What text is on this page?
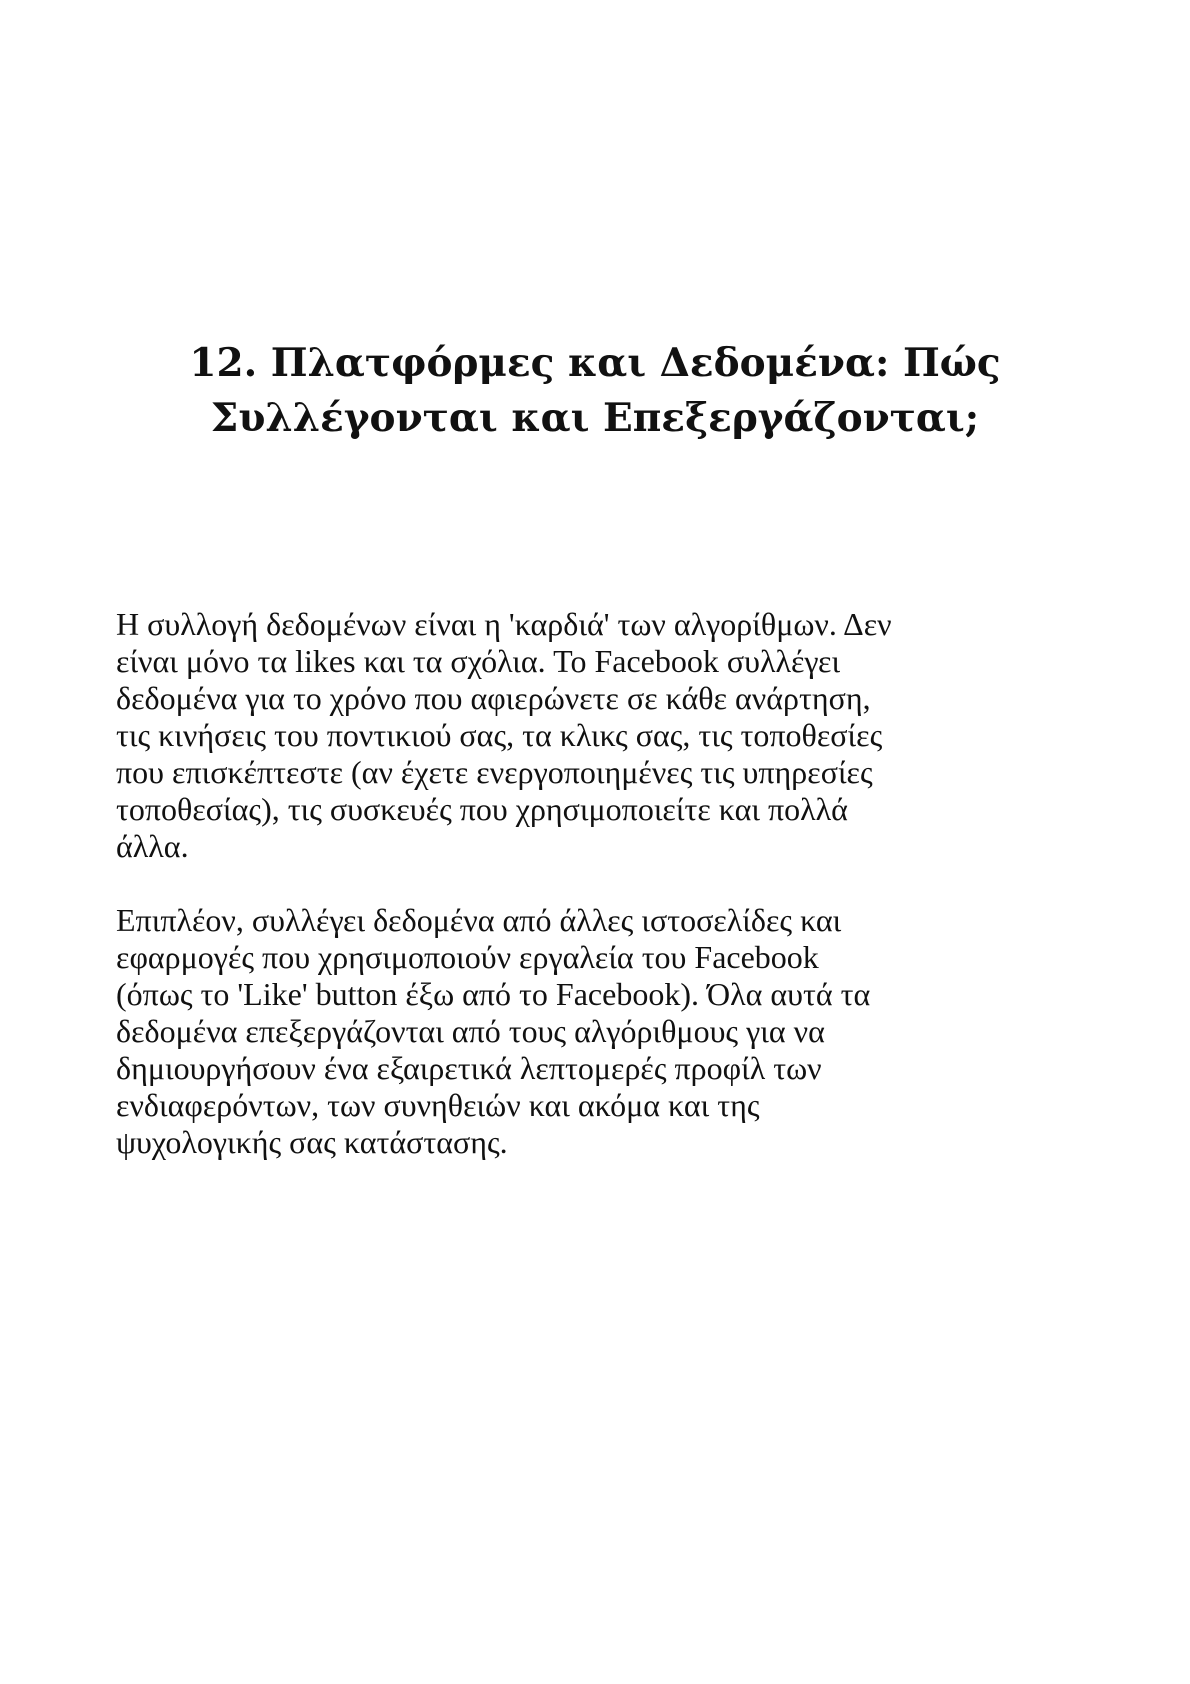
12. Πλατφόρμες και Δεδομένα: Πώς
Συλλέγονται και Επεξεργάζονται;

Η συλλογή δεδομένων είναι η 'καρδιά' των αλγορίθμων. Δεν
είναι μόνο τα likes και τα σχόλια. Το Facebook συλλέγει
δεδομένα για το χρόνο που αφιερώνετε σε κάθε ανάρτηση,
τις κινήσεις του ποντικιού σας, τα κλικς σας, τις τοποθεσίες
που επισκέπτεστε (αν έχετε ενεργοποιημένες τις υπηρεσίες
τοποθεσίας), τις συσκευές που χρησιμοποιείτε και πολλά
άλλα.

Επιπλέον, συλλέγει δεδομένα από άλλες ιστοσελίδες και
εφαρμογές που χρησιμοποιούν εργαλεία του Facebook
(όπως το 'Like' button έξω από το Facebook). Όλα αυτά τα
δεδομένα επεξεργάζονται από τους αλγόριθμους για να
δημιουργήσουν ένα εξαιρετικά λεπτομερές προφίλ των
ενδιαφερόντων, των συνηθειών και ακόμα και της
ψυχολογικής σας κατάστασης.
